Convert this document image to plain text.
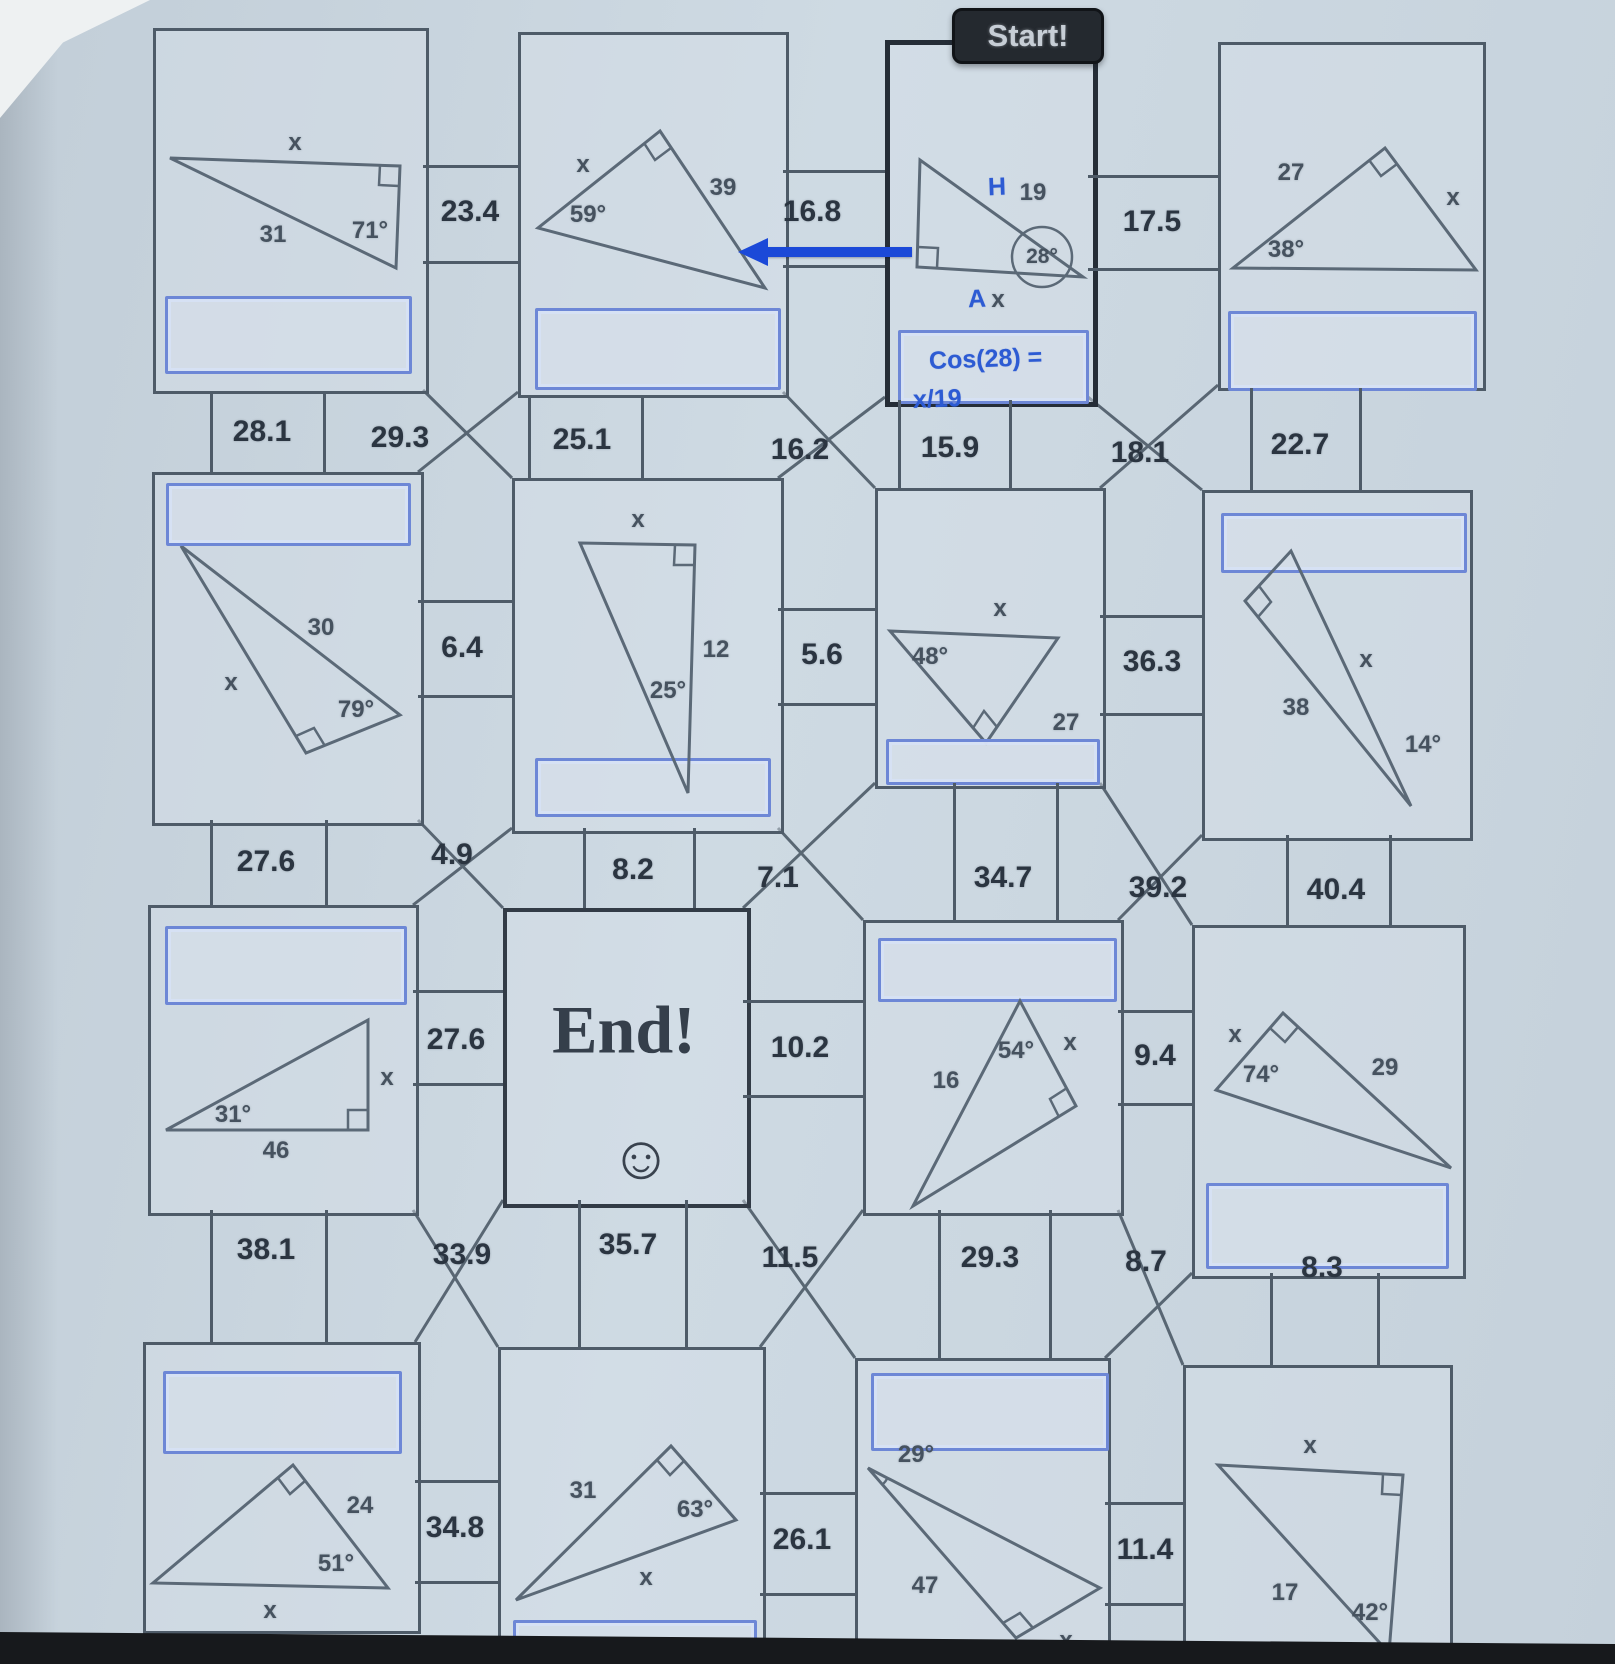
x
31	71°
x
59°
39	H 19
28°
A x
Cos(28) =
x/19
Start!
27
x
38°
23.4	16.8	17.5
28.1	29.3	25.1	16.2	15.9	18.1	22.7
30
x
79°
x
12
25°
x
48°
27
38
x
14°
6.4	5.6	36.3
27.6	4.9	8.2	7.1	34.7	39.2	40.4
31°
x
46
End!
☺
54° x
16
x
74°	29
27.6	10.2	9.4
38.1	33.9	35.7	11.5	29.3	8.7	8.3
24
51°
x
31
63°
x
29°
47
x
17
42°
34.8	26.1	11.4
